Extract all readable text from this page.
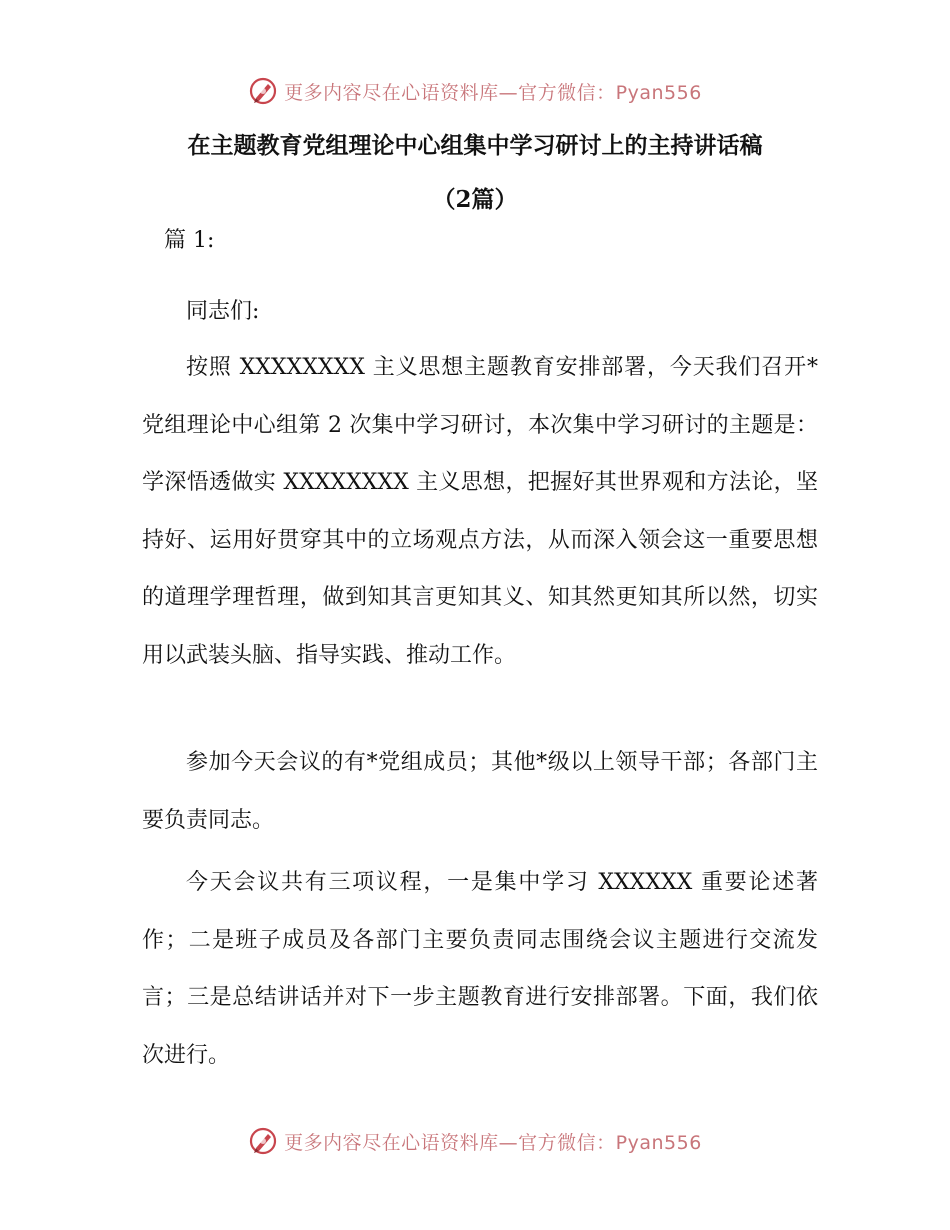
更多内容尽在心语资料库—官方微信：Pyan556
在主题教育党组理论中心组集中学习研讨上的主持讲话稿
（2篇）

篇 1:

同志们:

按照 XXXXXXXX 主义思想主题教育安排部署，今天我们召开*党组理论中心组第 2 次集中学习研讨，本次集中学习研讨的主题是：学深悟透做实 XXXXXXXX 主义思想，把握好其世界观和方法论，坚持好、运用好贯穿其中的立场观点方法，从而深入领会这一重要思想的道理学理哲理，做到知其言更知其义、知其然更知其所以然，切实用以武装头脑、指导实践、推动工作。

参加今天会议的有*党组成员；其他*级以上领导干部；各部门主要负责同志。

今天会议共有三项议程，一是集中学习 XXXXXX 重要论述著作；二是班子成员及各部门主要负责同志围绕会议主题进行交流发言；三是总结讲话并对下一步主题教育进行安排部署。下面，我们依次进行。

更多内容尽在心语资料库—官方微信：Pyan556
